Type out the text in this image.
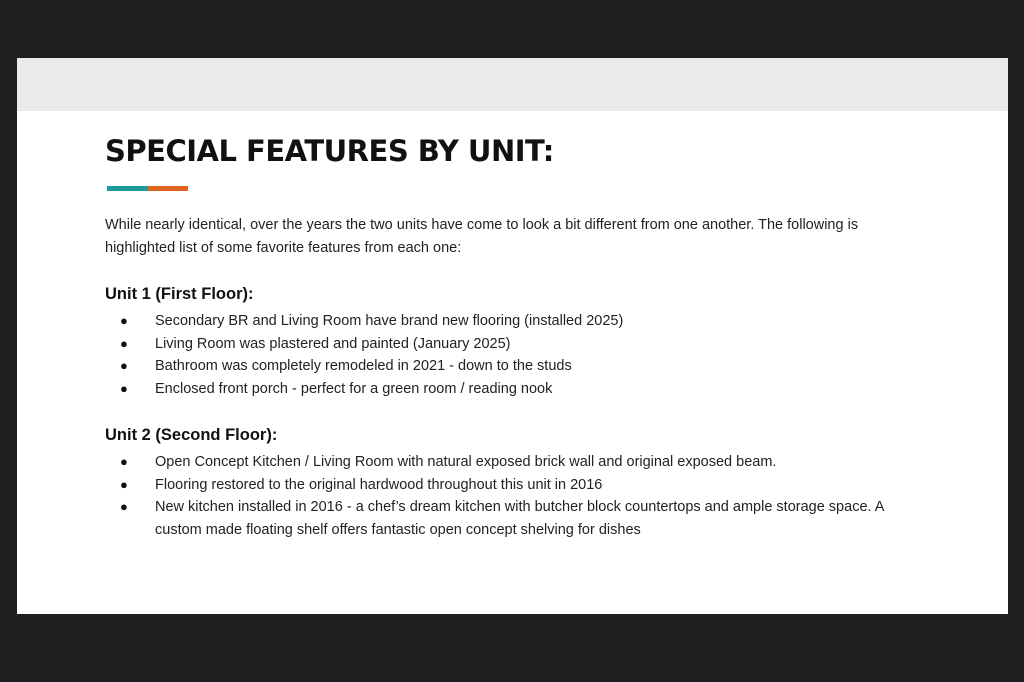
SPECIAL FEATURES BY UNIT:

While nearly identical, over the years the two units have come to look a bit different from one another. The following is highlighted list of some favorite features from each one:

Unit 1 (First Floor):
● Secondary BR and Living Room have brand new flooring (installed 2025)
● Living Room was plastered and painted (January 2025)
● Bathroom was completely remodeled in 2021 - down to the studs
● Enclosed front porch - perfect for a green room / reading nook
Unit 2 (Second Floor):
● Open Concept Kitchen / Living Room with natural exposed brick wall and original exposed beam.
● Flooring restored to the original hardwood throughout this unit in 2016
● New kitchen installed in 2016 - a chef’s dream kitchen with butcher block countertops and ample storage space. A custom made floating shelf offers fantastic open concept shelving for dishes
